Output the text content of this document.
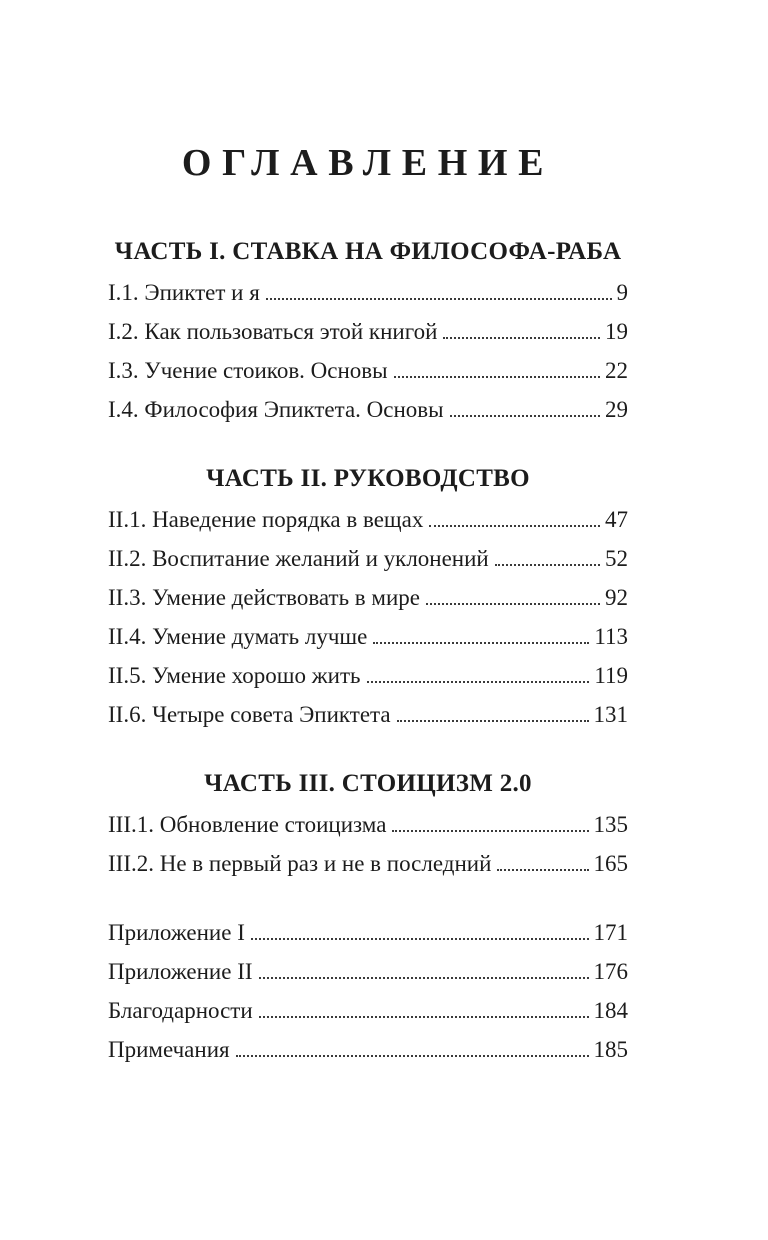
ОГЛАВЛЕНИЕ
ЧАСТЬ I. СТАВКА НА ФИЛОСОФА-РАБА
I.1. Эпиктет и я	9
I.2. Как пользоваться этой книгой	19
I.3. Учение стоиков. Основы	22
I.4. Философия Эпиктета. Основы	29
ЧАСТЬ II. РУКОВОДСТВО
II.1. Наведение порядка в вещах	47
II.2. Воспитание желаний и уклонений	52
II.3. Умение действовать в мире	92
II.4. Умение думать лучше	113
II.5. Умение хорошо жить	119
II.6. Четыре совета Эпиктета	131
ЧАСТЬ III. СТОИЦИЗМ 2.0
III.1. Обновление стоицизма	135
III.2. Не в первый раз и не в последний	165
Приложение I	171
Приложение II	176
Благодарности	184
Примечания	185
